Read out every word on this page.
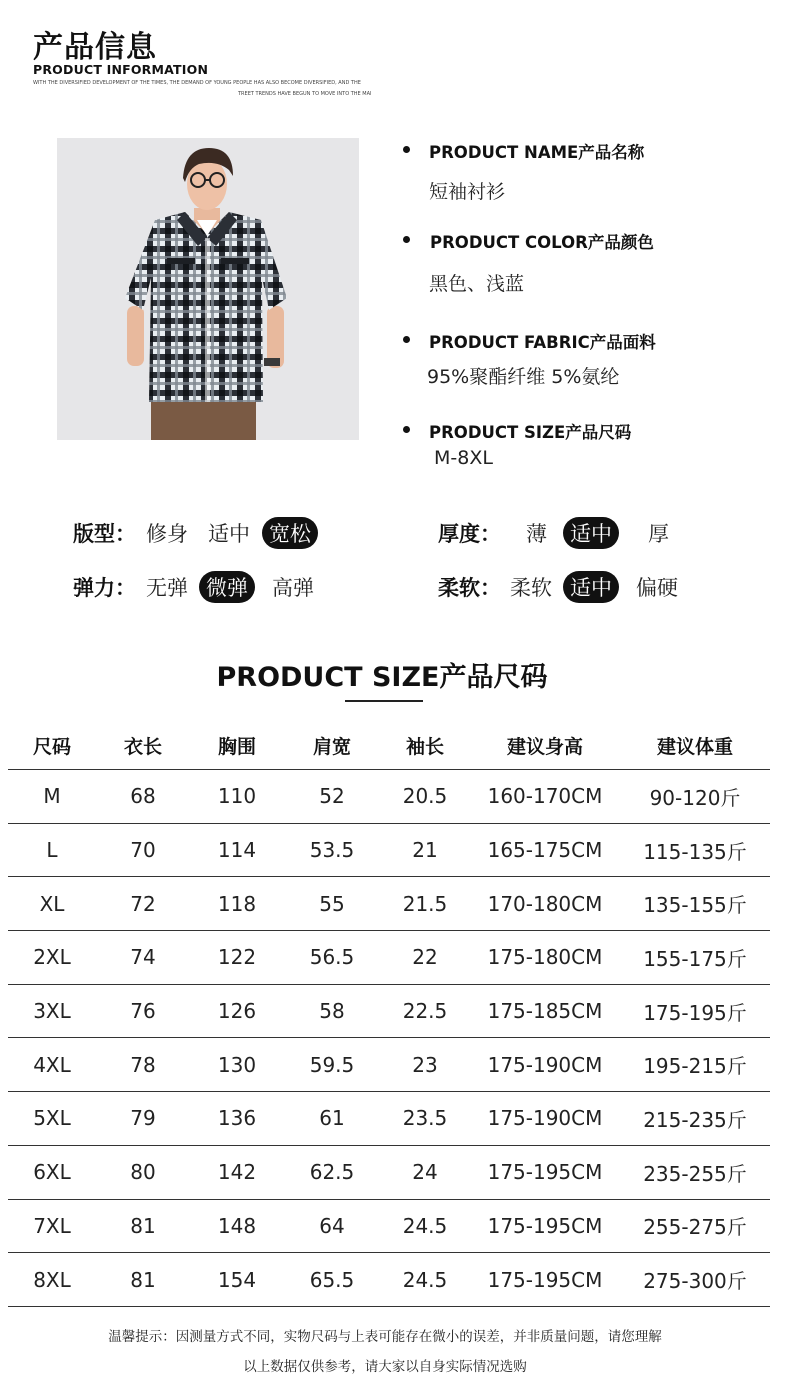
产品信息
PRODUCT INFORMATION
WITH THE DIVERSIFIED DEVELOPMENT OF THE TIMES, THE DEMAND OF YOUNG PEOPLE HAS ALSO BECOME DIVERSIFIED, AND THE
TREET TRENDS HAVE BEGUN TO MOVE INTO THE MAI
PRODUCT NAME产品名称
短袖衬衫
PRODUCT COLOR产品颜色
黑色、浅蓝
PRODUCT FABRIC产品面料
95%聚酯纤维 5%氨纶
PRODUCT SIZE产品尺码
M-8XL
版型： 修身 适中 宽松	厚度： 薄	适中	厚
弹力： 无弹 微弹	高弹	柔软： 柔软 适中	偏硬
PRODUCT SIZE产品尺码
尺码	衣长	胸围	肩宽	袖长	建议身高	建议体重
M	68	110	52	20.5	160-170CM	90-120斤
L	70	114	53.5	21	165-175CM	115-135斤
XL	72	118	55	21.5	170-180CM	135-155斤
2XL	74	122	56.5	22	175-180CM	155-175斤
3XL	76	126	58	22.5	175-185CM	175-195斤
4XL	78	130	59.5	23	175-190CM	195-215斤
5XL	79	136	61	23.5	175-190CM	215-235斤
6XL	80	142	62.5	24	175-195CM	235-255斤
7XL	81	148	64	24.5	175-195CM	255-275斤
8XL	81	154	65.5	24.5	175-195CM	275-300斤
温馨提示：因测量方式不同，实物尺码与上表可能存在微小的误差，并非质量问题，请您理解
以上数据仅供参考，请大家以自身实际情况选购
